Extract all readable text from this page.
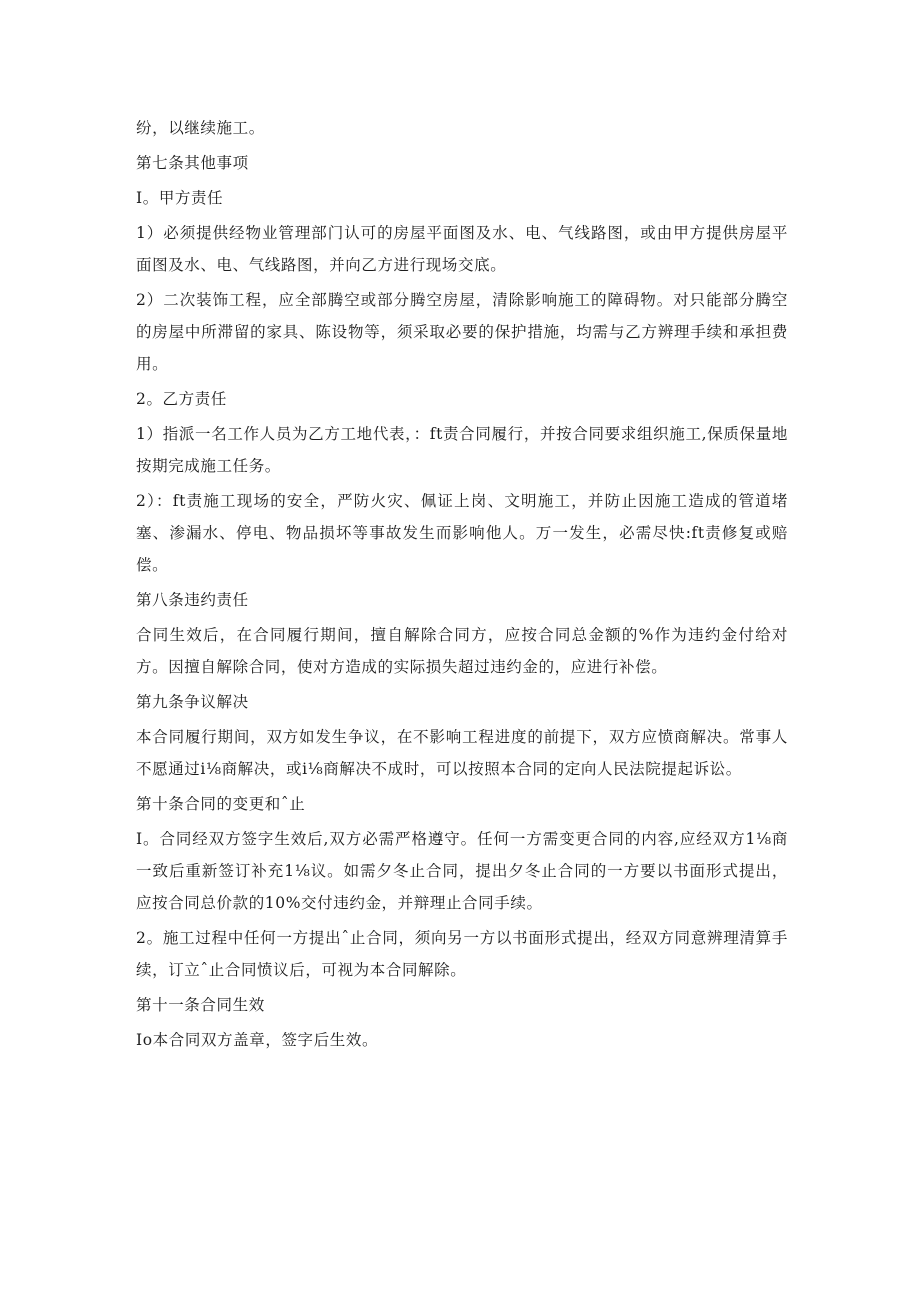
纷，以继续施工。

第七条其他事项

I。甲方责任

1）必须提供经物业管理部门认可的房屋平面图及水、电、气线路图，或由甲方提供房屋平面图及水、电、气线路图，并向乙方进行现场交底。

2）二次装饰工程，应全部腾空或部分腾空房屋，清除影响施工的障碍物。对只能部分腾空的房屋中所滞留的家具、陈设物等，须采取必要的保护措施，均需与乙方辨理手续和承担费用。

2。乙方责任

1）指派一名工作人员为乙方工地代表，：ft责合同履行，并按合同要求组织施工,保质保量地按期完成施工任务。

2）：ft责施工现场的安全，严防火灾、佩证上岗、文明施工，并防止因施工造成的管道堵塞、渗漏水、停电、物品损坏等事故发生而影响他人。万一发生，必需尽快:ft责修复或赔偿。

第八条违约责任

合同生效后，在合同履行期间，擅自解除合同方，应按合同总金额的%作为违约金付给对方。因擅自解除合同，使对方造成的实际损失超过违约金的，应进行补偿。

第九条争议解决

本合同履行期间，双方如发生争议，在不影响工程进度的前提下，双方应愤商解决。常事人不愿通过i⅛商解决，或i⅛商解决不成时，可以按照本合同的定向人民法院提起诉讼。

第十条合同的变更和ˆ止

I。合同经双方签字生效后,双方必需严格遵守。任何一方需变更合同的内容,应经双方1⅛商一致后重新签订补充1⅛议。如需夕冬止合同，提出夕冬止合同的一方要以书面形式提出，应按合同总价款的10%交付违约金，并辩理止合同手续。

2。施工过程中任何一方提出ˆ止合同，须向另一方以书面形式提出，经双方同意辨理清算手续，订立ˆ止合同愤议后，可视为本合同解除。

第十一条合同生效

Io本合同双方盖章，签字后生效。
